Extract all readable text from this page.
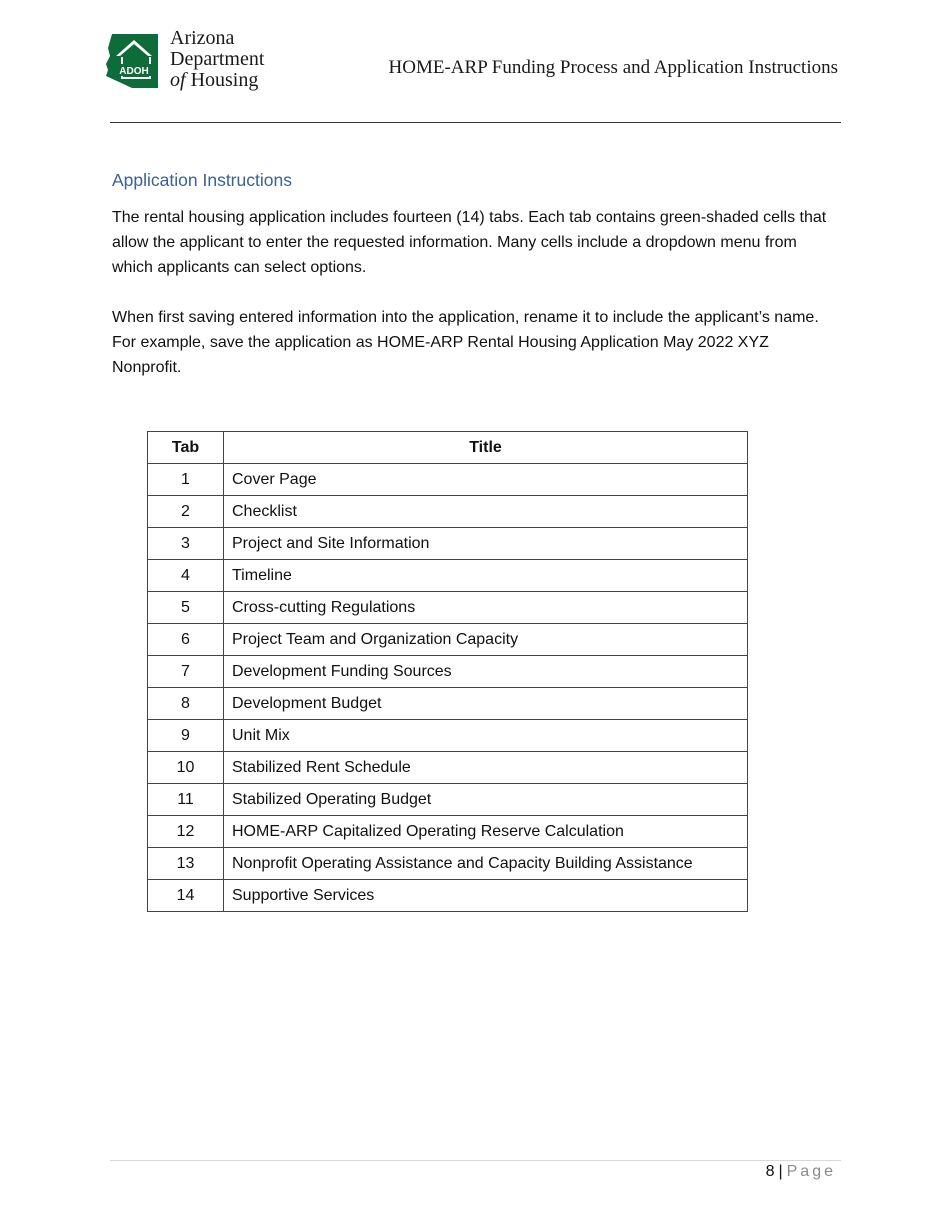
ADOH
Arizona
Department
of Housing
HOME-ARP Funding Process and Application Instructions
Application Instructions

The rental housing application includes fourteen (14) tabs. Each tab contains green-shaded cells that allow the applicant to enter the requested information. Many cells include a dropdown menu from which applicants can select options.

When first saving entered information into the application, rename it to include the applicant’s name. For example, save the application as HOME-ARP Rental Housing Application May 2022 XYZ Nonprofit.

Tab	Title
1	Cover Page
2	Checklist
3	Project and Site Information
4	Timeline
5	Cross-cutting Regulations
6	Project Team and Organization Capacity
7	Development Funding Sources
8	Development Budget
9	Unit Mix
10	Stabilized Rent Schedule
11	Stabilized Operating Budget
12	HOME-ARP Capitalized Operating Reserve Calculation
13	Nonprofit Operating Assistance and Capacity Building Assistance
14	Supportive Services
8 | Page
